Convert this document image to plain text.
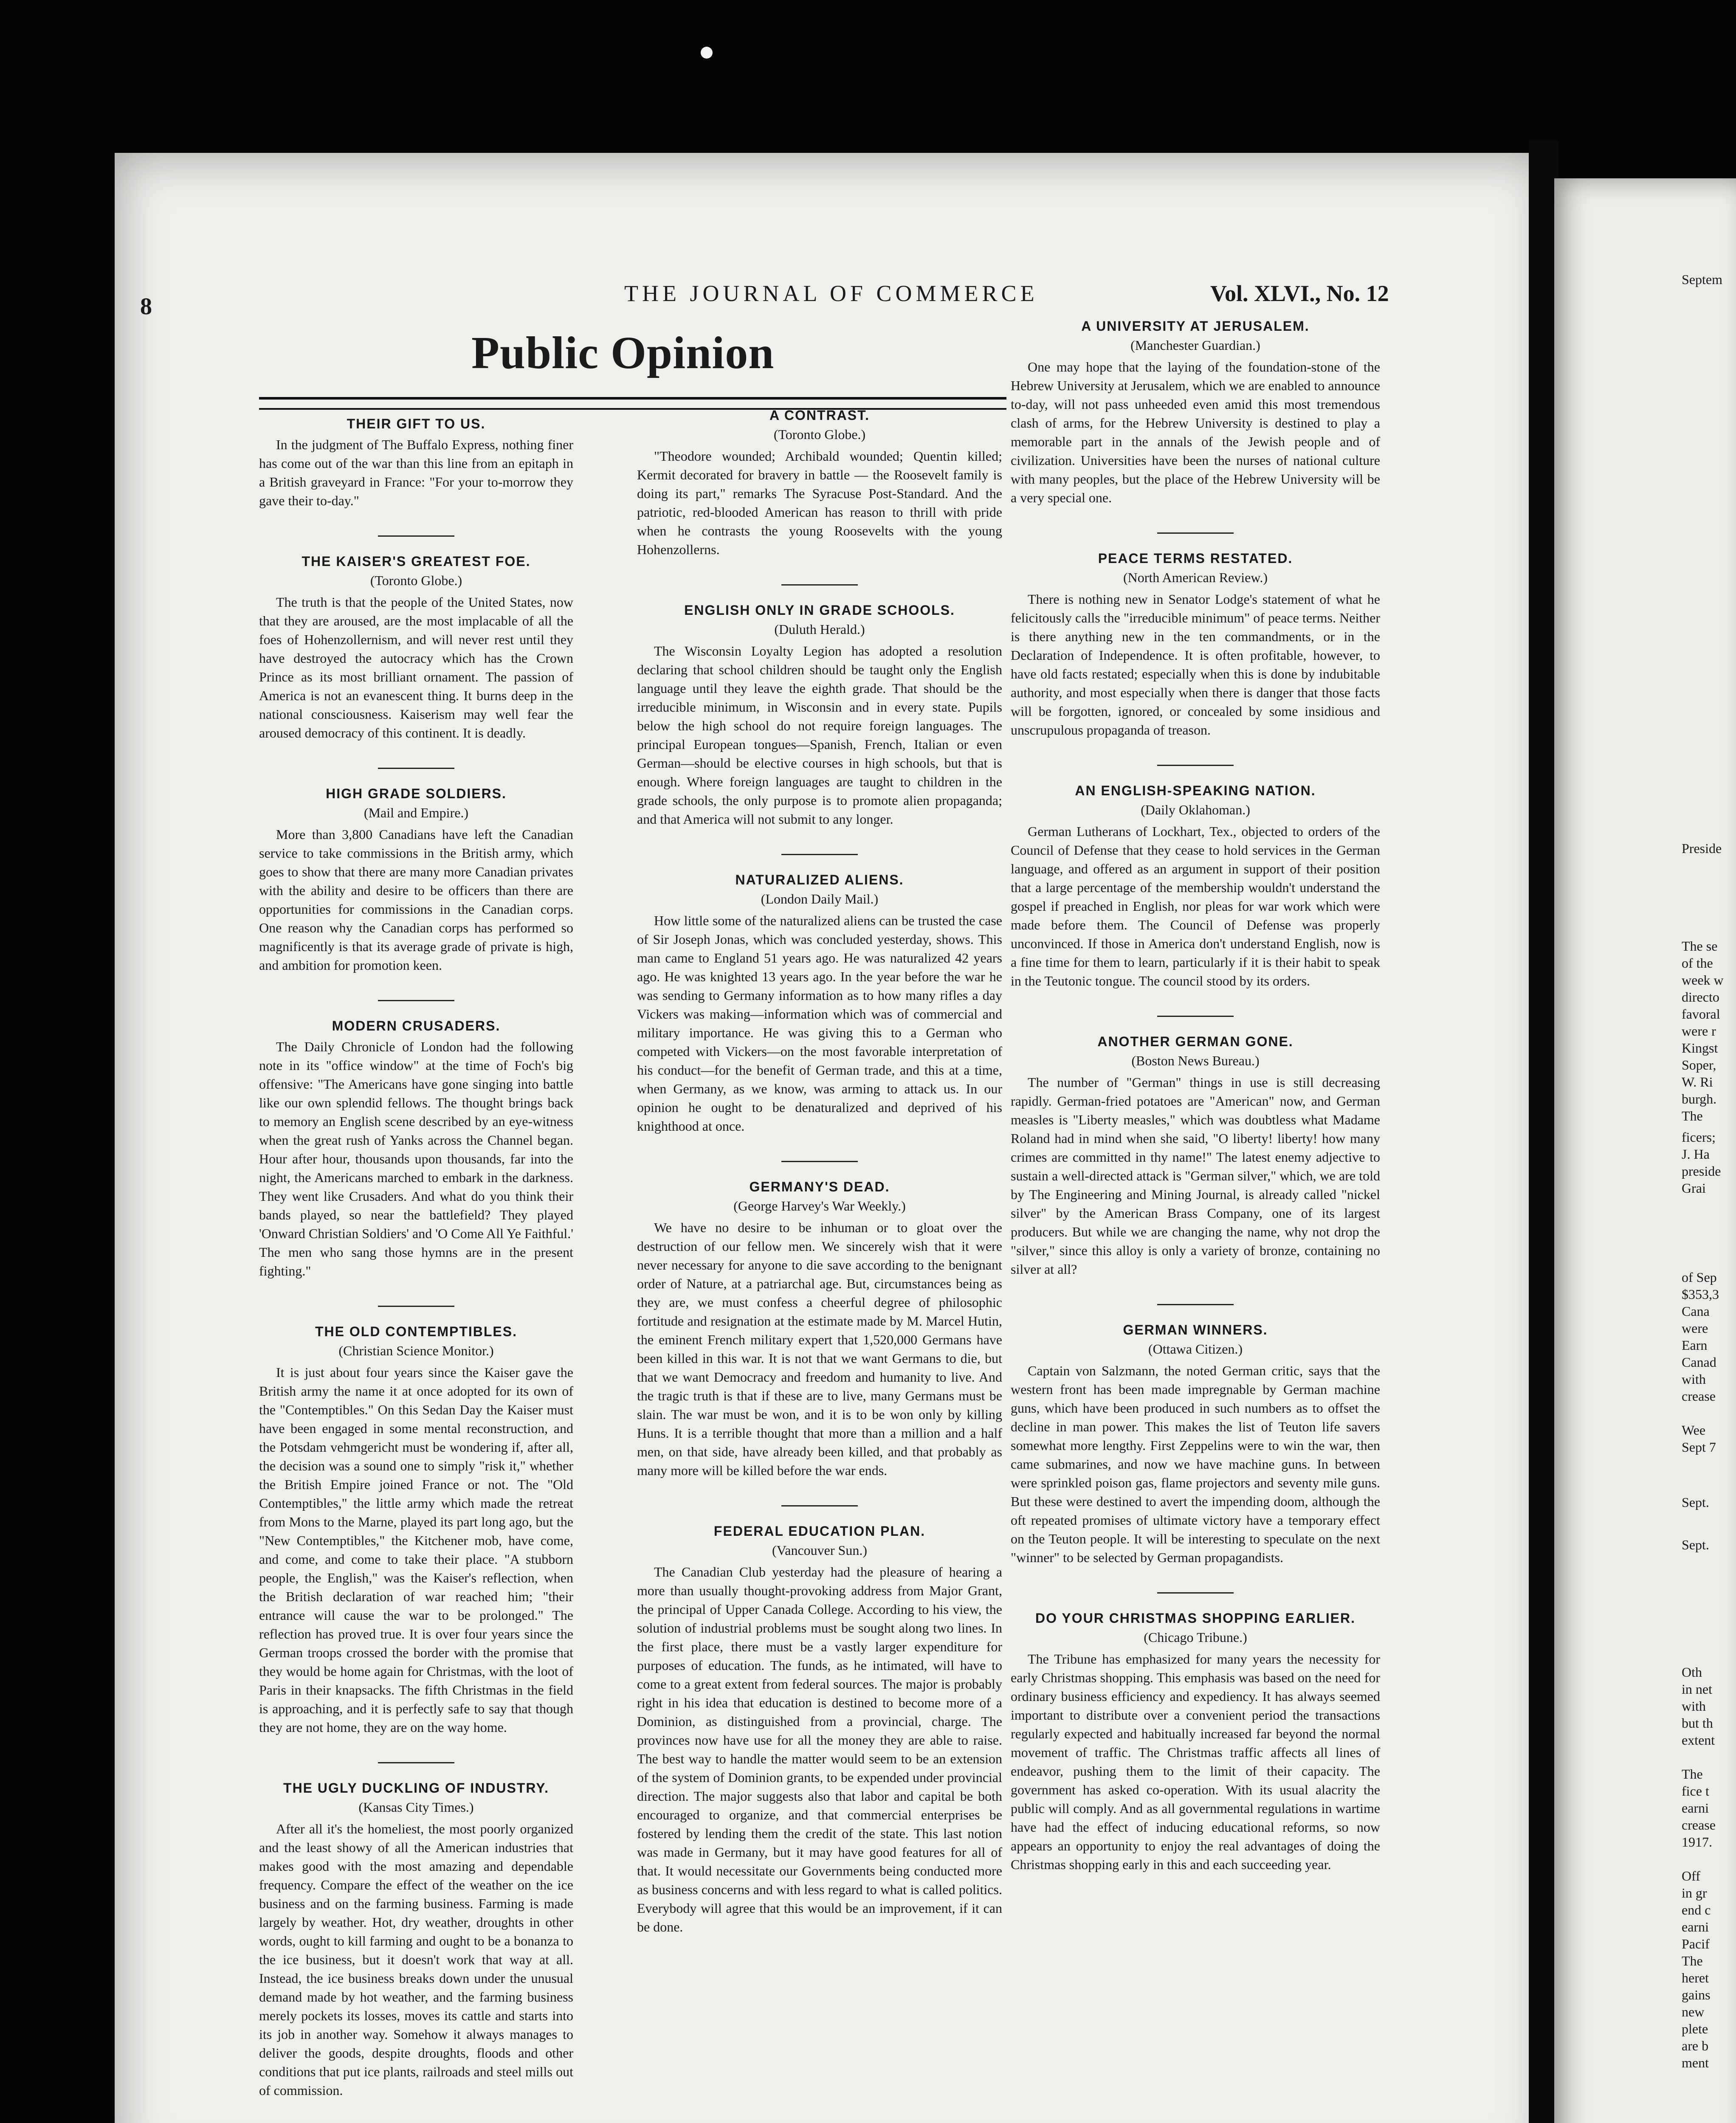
8	THE JOURNAL OF COMMERCE	Vol. XLVI., No. 12
Public Opinion
THEIR GIFT TO US.

In the judgment of The Buffalo Express, nothing finer has come out of the war than this line from an epitaph in a British graveyard in France: "For your to-morrow they gave their to-day."

THE KAISER'S GREATEST FOE.
(Toronto Globe.)

The truth is that the people of the United States, now that they are aroused, are the most implacable of all the foes of Hohenzollernism, and will never rest until they have destroyed the autocracy which has the Crown Prince as its most brilliant ornament. The passion of America is not an evanescent thing. It burns deep in the national consciousness. Kaiserism may well fear the aroused democracy of this continent. It is deadly.

HIGH GRADE SOLDIERS.
(Mail and Empire.)

More than 3,800 Canadians have left the Canadian service to take commissions in the British army, which goes to show that there are many more Canadian privates with the ability and desire to be officers than there are opportunities for commissions in the Canadian corps. One reason why the Canadian corps has performed so magnificently is that its average grade of private is high, and ambition for promotion keen.

MODERN CRUSADERS.

The Daily Chronicle of London had the following note in its "office window" at the time of Foch's big offensive: "The Americans have gone singing into battle like our own splendid fellows. The thought brings back to memory an English scene described by an eye-witness when the great rush of Yanks across the Channel began. Hour after hour, thousands upon thousands, far into the night, the Americans marched to embark in the darkness. They went like Crusaders. And what do you think their bands played, so near the battlefield? They played 'Onward Christian Soldiers' and 'O Come All Ye Faithful.' The men who sang those hymns are in the present fighting."

THE OLD CONTEMPTIBLES.
(Christian Science Monitor.)

It is just about four years since the Kaiser gave the British army the name it at once adopted for its own of the "Contemptibles." On this Sedan Day the Kaiser must have been engaged in some mental reconstruction, and the Potsdam vehmgericht must be wondering if, after all, the decision was a sound one to simply "risk it," whether the British Empire joined France or not. The "Old Contemptibles," the little army which made the retreat from Mons to the Marne, played its part long ago, but the "New Contemptibles," the Kitchener mob, have come, and come, and come to take their place. "A stubborn people, the English," was the Kaiser's reflection, when the British declaration of war reached him; "their entrance will cause the war to be prolonged." The reflection has proved true. It is over four years since the German troops crossed the border with the promise that they would be home again for Christmas, with the loot of Paris in their knapsacks. The fifth Christmas in the field is approaching, and it is perfectly safe to say that though they are not home, they are on the way home.

THE UGLY DUCKLING OF INDUSTRY.
(Kansas City Times.)

After all it's the homeliest, the most poorly organized and the least showy of all the American industries that makes good with the most amazing and dependable frequency. Compare the effect of the weather on the ice business and on the farming business. Farming is made largely by weather. Hot, dry weather, droughts in other words, ought to kill farming and ought to be a bonanza to the ice business, but it doesn't work that way at all. Instead, the ice business breaks down under the unusual demand made by hot weather, and the farming business merely pockets its losses, moves its cattle and starts into its job in another way. Somehow it always manages to deliver the goods, despite droughts, floods and other conditions that put ice plants, railroads and steel mills out of commission.

A CONTRAST.
(Toronto Globe.)

"Theodore wounded; Archibald wounded; Quentin killed; Kermit decorated for bravery in battle — the Roosevelt family is doing its part," remarks The Syracuse Post-Standard. And the patriotic, red-blooded American has reason to thrill with pride when he contrasts the young Roosevelts with the young Hohenzollerns.

ENGLISH ONLY IN GRADE SCHOOLS.
(Duluth Herald.)

The Wisconsin Loyalty Legion has adopted a resolution declaring that school children should be taught only the English language until they leave the eighth grade. That should be the irreducible minimum, in Wisconsin and in every state. Pupils below the high school do not require foreign languages. The principal European tongues—Spanish, French, Italian or even German—should be elective courses in high schools, but that is enough. Where foreign languages are taught to children in the grade schools, the only purpose is to promote alien propaganda; and that America will not submit to any longer.

NATURALIZED ALIENS.
(London Daily Mail.)

How little some of the naturalized aliens can be trusted the case of Sir Joseph Jonas, which was concluded yesterday, shows. This man came to England 51 years ago. He was naturalized 42 years ago. He was knighted 13 years ago. In the year before the war he was sending to Germany information as to how many rifles a day Vickers was making—information which was of commercial and military importance. He was giving this to a German who competed with Vickers—on the most favorable interpretation of his conduct—for the benefit of German trade, and this at a time, when Germany, as we know, was arming to attack us. In our opinion he ought to be denaturalized and deprived of his knighthood at once.

GERMANY'S DEAD.
(George Harvey's War Weekly.)

We have no desire to be inhuman or to gloat over the destruction of our fellow men. We sincerely wish that it were never necessary for anyone to die save according to the benignant order of Nature, at a patriarchal age. But, circumstances being as they are, we must confess a cheerful degree of philosophic fortitude and resignation at the estimate made by M. Marcel Hutin, the eminent French military expert that 1,520,000 Germans have been killed in this war. It is not that we want Germans to die, but that we want Democracy and freedom and humanity to live. And the tragic truth is that if these are to live, many Germans must be slain. The war must be won, and it is to be won only by killing Huns. It is a terrible thought that more than a million and a half men, on that side, have already been killed, and that probably as many more will be killed before the war ends.

FEDERAL EDUCATION PLAN.
(Vancouver Sun.)

The Canadian Club yesterday had the pleasure of hearing a more than usually thought-provoking address from Major Grant, the principal of Upper Canada College. According to his view, the solution of industrial problems must be sought along two lines. In the first place, there must be a vastly larger expenditure for purposes of education. The funds, as he intimated, will have to come to a great extent from federal sources. The major is probably right in his idea that education is destined to become more of a Dominion, as distinguished from a provincial, charge. The provinces now have use for all the money they are able to raise. The best way to handle the matter would seem to be an extension of the system of Dominion grants, to be expended under provincial direction. The major suggests also that labor and capital be both encouraged to organize, and that commercial enterprises be fostered by lending them the credit of the state. This last notion was made in Germany, but it may have good features for all of that. It would necessitate our Governments being conducted more as business concerns and with less regard to what is called politics. Everybody will agree that this would be an improvement, if it can be done.

A UNIVERSITY AT JERUSALEM.
(Manchester Guardian.)

One may hope that the laying of the foundation-stone of the Hebrew University at Jerusalem, which we are enabled to announce to-day, will not pass unheeded even amid this most tremendous clash of arms, for the Hebrew University is destined to play a memorable part in the annals of the Jewish people and of civilization. Universities have been the nurses of national culture with many peoples, but the place of the Hebrew University will be a very special one.

PEACE TERMS RESTATED.
(North American Review.)

There is nothing new in Senator Lodge's statement of what he felicitously calls the "irreducible minimum" of peace terms. Neither is there anything new in the ten commandments, or in the Declaration of Independence. It is often profitable, however, to have old facts restated; especially when this is done by indubitable authority, and most especially when there is danger that those facts will be forgotten, ignored, or concealed by some insidious and unscrupulous propaganda of treason.

AN ENGLISH-SPEAKING NATION.
(Daily Oklahoman.)

German Lutherans of Lockhart, Tex., objected to orders of the Council of Defense that they cease to hold services in the German language, and offered as an argument in support of their position that a large percentage of the membership wouldn't understand the gospel if preached in English, nor pleas for war work which were made before them. The Council of Defense was properly unconvinced. If those in America don't understand English, now is a fine time for them to learn, particularly if it is their habit to speak in the Teutonic tongue. The council stood by its orders.

ANOTHER GERMAN GONE.
(Boston News Bureau.)

The number of "German" things in use is still decreasing rapidly. German-fried potatoes are "American" now, and German measles is "Liberty measles," which was doubtless what Madame Roland had in mind when she said, "O liberty! liberty! how many crimes are committed in thy name!" The latest enemy adjective to sustain a well-directed attack is "German silver," which, we are told by The Engineering and Mining Journal, is already called "nickel silver" by the American Brass Company, one of its largest producers. But while we are changing the name, why not drop the "silver," since this alloy is only a variety of bronze, containing no silver at all?

GERMAN WINNERS.
(Ottawa Citizen.)

Captain von Salzmann, the noted German critic, says that the western front has been made impregnable by German machine guns, which have been produced in such numbers as to offset the decline in man power. This makes the list of Teuton life savers somewhat more lengthy. First Zeppelins were to win the war, then came submarines, and now we have machine guns. In between were sprinkled poison gas, flame projectors and seventy mile guns. But these were destined to avert the impending doom, although the oft repeated promises of ultimate victory have a temporary effect on the Teuton people. It will be interesting to speculate on the next "winner" to be selected by German propagandists.

DO YOUR CHRISTMAS SHOPPING EARLIER.
(Chicago Tribune.)

The Tribune has emphasized for many years the necessity for early Christmas shopping. This emphasis was based on the need for ordinary business efficiency and expediency. It has always seemed important to distribute over a convenient period the transactions regularly expected and habitually increased far beyond the normal movement of traffic. The Christmas traffic affects all lines of endeavor, pushing them to the limit of their capacity. The government has asked co-operation. With its usual alacrity the public will comply. And as all governmental regulations in wartime have had the effect of inducing educational reforms, so now appears an opportunity to enjoy the real advantages of doing the Christmas shopping early in this and each succeeding year.

Septem
Preside
The se
of the
week w
directo
favoral
were r
Kingst
Soper,
W. Ri
burgh.
The
ficers;
J. Ha
preside
Grai
of Sep
$353,3
Cana
were
Earn
Canad
with
crease
Wee
Sept 7
Sept.
Sept.
Oth
in net
with
but th
extent
The
fice t
earni
crease
1917.
Off
in gr
end c
earni
Pacif
The
heret
gains
new
plete
are b
ment
